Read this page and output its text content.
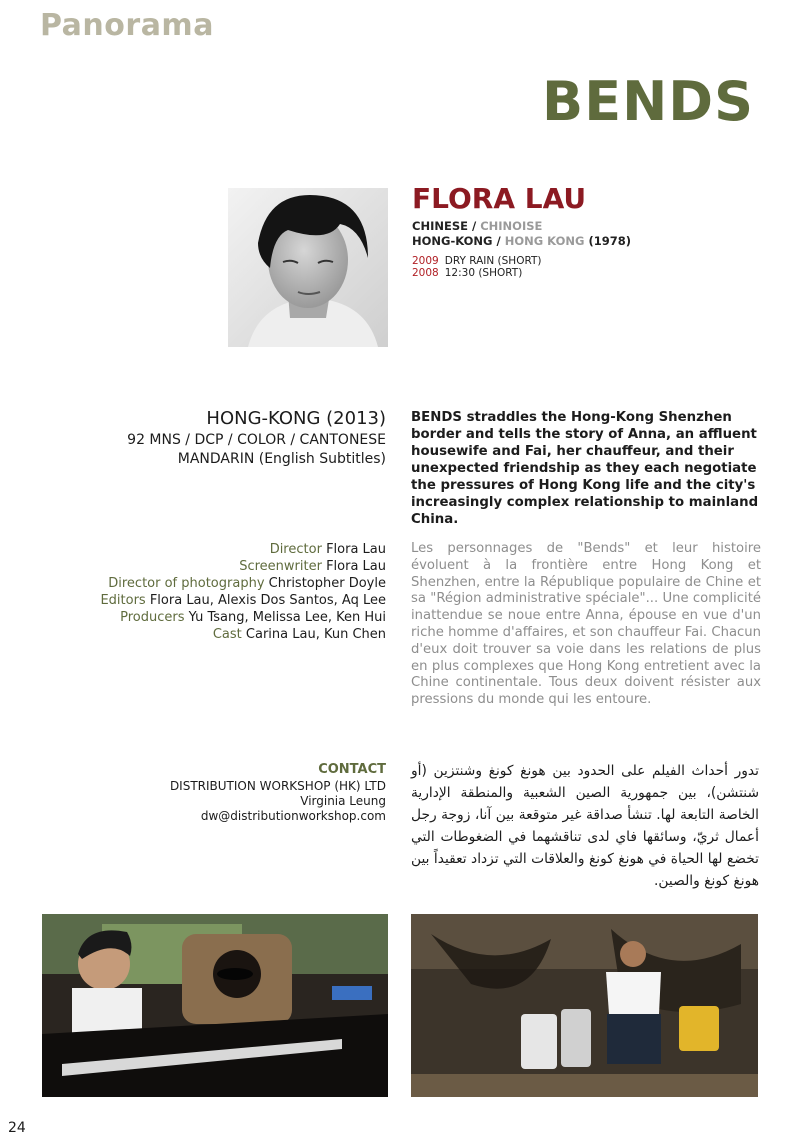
Panorama
BENDS
FLORA LAU
CHINESE / CHINOISE
HONG-KONG / HONG KONG (1978)
2009 DRY RAIN (SHORT)
2008 12:30 (SHORT)
HONG-KONG (2013)
92 MNS / DCP / COLOR / CANTONESE
MANDARIN (English Subtitles)
BENDS straddles the Hong-Kong Shenzhen border and tells the story of Anna, an affluent housewife and Fai, her chauffeur, and their unexpected friendship as they each negotiate the pressures of Hong Kong life and the city's increasingly complex relationship to mainland China.
Director Flora Lau
Screenwriter Flora Lau
Director of photography Christopher Doyle
Editors Flora Lau, Alexis Dos Santos, Aq Lee
Producers Yu Tsang, Melissa Lee, Ken Hui
Cast Carina Lau, Kun Chen
Les personnages de "Bends" et leur histoire évoluent à la frontière entre Hong Kong et Shenzhen, entre la République populaire de Chine et sa "Région administrative spéciale"... Une complicité inattendue se noue entre Anna, épouse en vue d'un riche homme d'affaires, et son chauffeur Fai. Chacun d'eux doit trouver sa voie dans les relations de plus en plus complexes que Hong Kong entretient avec la Chine continentale. Tous deux doivent résister aux pressions du monde qui les entoure.
CONTACT
DISTRIBUTION WORKSHOP (HK) LTD
Virginia Leung
dw@distributionworkshop.com
تدور أحداث الفيلم على الحدود بين هونغ كونغ وشنتزين (أو شنتشن)، بين جمهورية الصين الشعبية والمنطقة الإدارية الخاصة التابعة لها. تنشأ صداقة غير متوقعة بين آنا، زوجة رجل أعمال ثريّ، وسائقها فاي لدى تناقشهما في الضغوطات التي تخضع لها الحياة في هونغ كونغ والعلاقات التي تزداد تعقيداً بين هونغ كونغ والصين.
24
